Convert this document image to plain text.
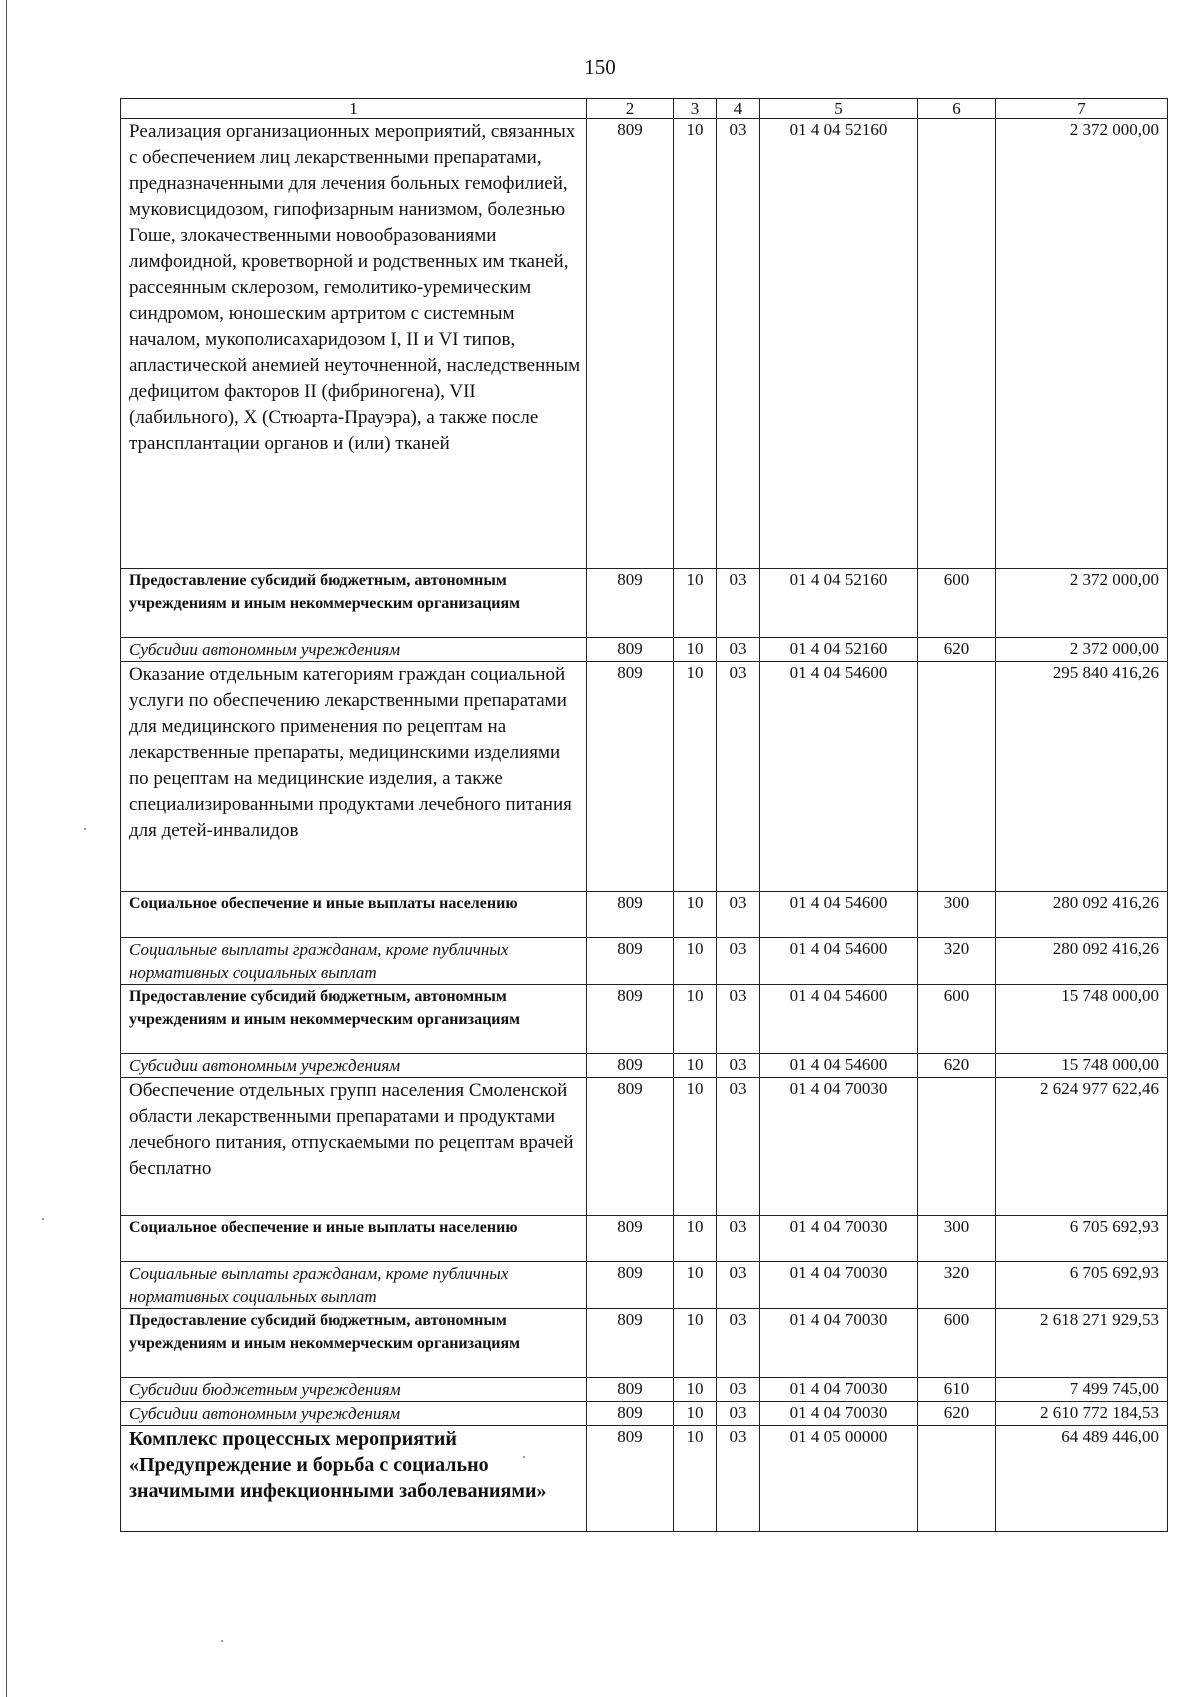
150
1	2	3	4	5	6	7
Реализация организационных мероприятий, связанных с обеспечением лиц лекарственными препаратами, предназначенными для лечения больных гемофилией, муковисцидозом, гипофизарным нанизмом, болезнью Гоше, злокачественными новообразованиями лимфоидной, кроветворной и родственных им тканей, рассеянным склерозом, гемолитико-уремическим синдромом, юношеским артритом с системным началом, мукополисахаридозом I, II и VI типов, апластической анемией неуточненной, наследственным дефицитом факторов II (фибриногена), VII (лабильного), X (Стюарта-Прауэра), а также после трансплантации органов и (или) тканей	809	10	03	01 4 04 52160		2 372 000,00
Предоставление субсидий бюджетным, автономным учреждениям и иным некоммерческим организациям	809	10	03	01 4 04 52160	600	2 372 000,00
Субсидии автономным учреждениям	809	10	03	01 4 04 52160	620	2 372 000,00
Оказание отдельным категориям граждан социальной услуги по обеспечению лекарственными препаратами для медицинского применения по рецептам на лекарственные препараты, медицинскими изделиями по рецептам на медицинские изделия, а также специализированными продуктами лечебного питания для детей-инвалидов	809	10	03	01 4 04 54600		295 840 416,26
Социальное обеспечение и иные выплаты населению	809	10	03	01 4 04 54600	300	280 092 416,26
Социальные выплаты гражданам, кроме публичных нормативных социальных выплат	809	10	03	01 4 04 54600	320	280 092 416,26
Предоставление субсидий бюджетным, автономным учреждениям и иным некоммерческим организациям	809	10	03	01 4 04 54600	600	15 748 000,00
Субсидии автономным учреждениям	809	10	03	01 4 04 54600	620	15 748 000,00
Обеспечение отдельных групп населения Смоленской области лекарственными препаратами и продуктами лечебного питания, отпускаемыми по рецептам врачей бесплатно	809	10	03	01 4 04 70030		2 624 977 622,46
Социальное обеспечение и иные выплаты населению	809	10	03	01 4 04 70030	300	6 705 692,93
Социальные выплаты гражданам, кроме публичных нормативных социальных выплат	809	10	03	01 4 04 70030	320	6 705 692,93
Предоставление субсидий бюджетным, автономным учреждениям и иным некоммерческим организациям	809	10	03	01 4 04 70030	600	2 618 271 929,53
Субсидии бюджетным учреждениям	809	10	03	01 4 04 70030	610	7 499 745,00
Субсидии автономным учреждениям	809	10	03	01 4 04 70030	620	2 610 772 184,53
Комплекс процессных мероприятий «Предупреждение и борьба с социально значимыми инфекционными заболеваниями»	809	10	03	01 4 05 00000		64 489 446,00
